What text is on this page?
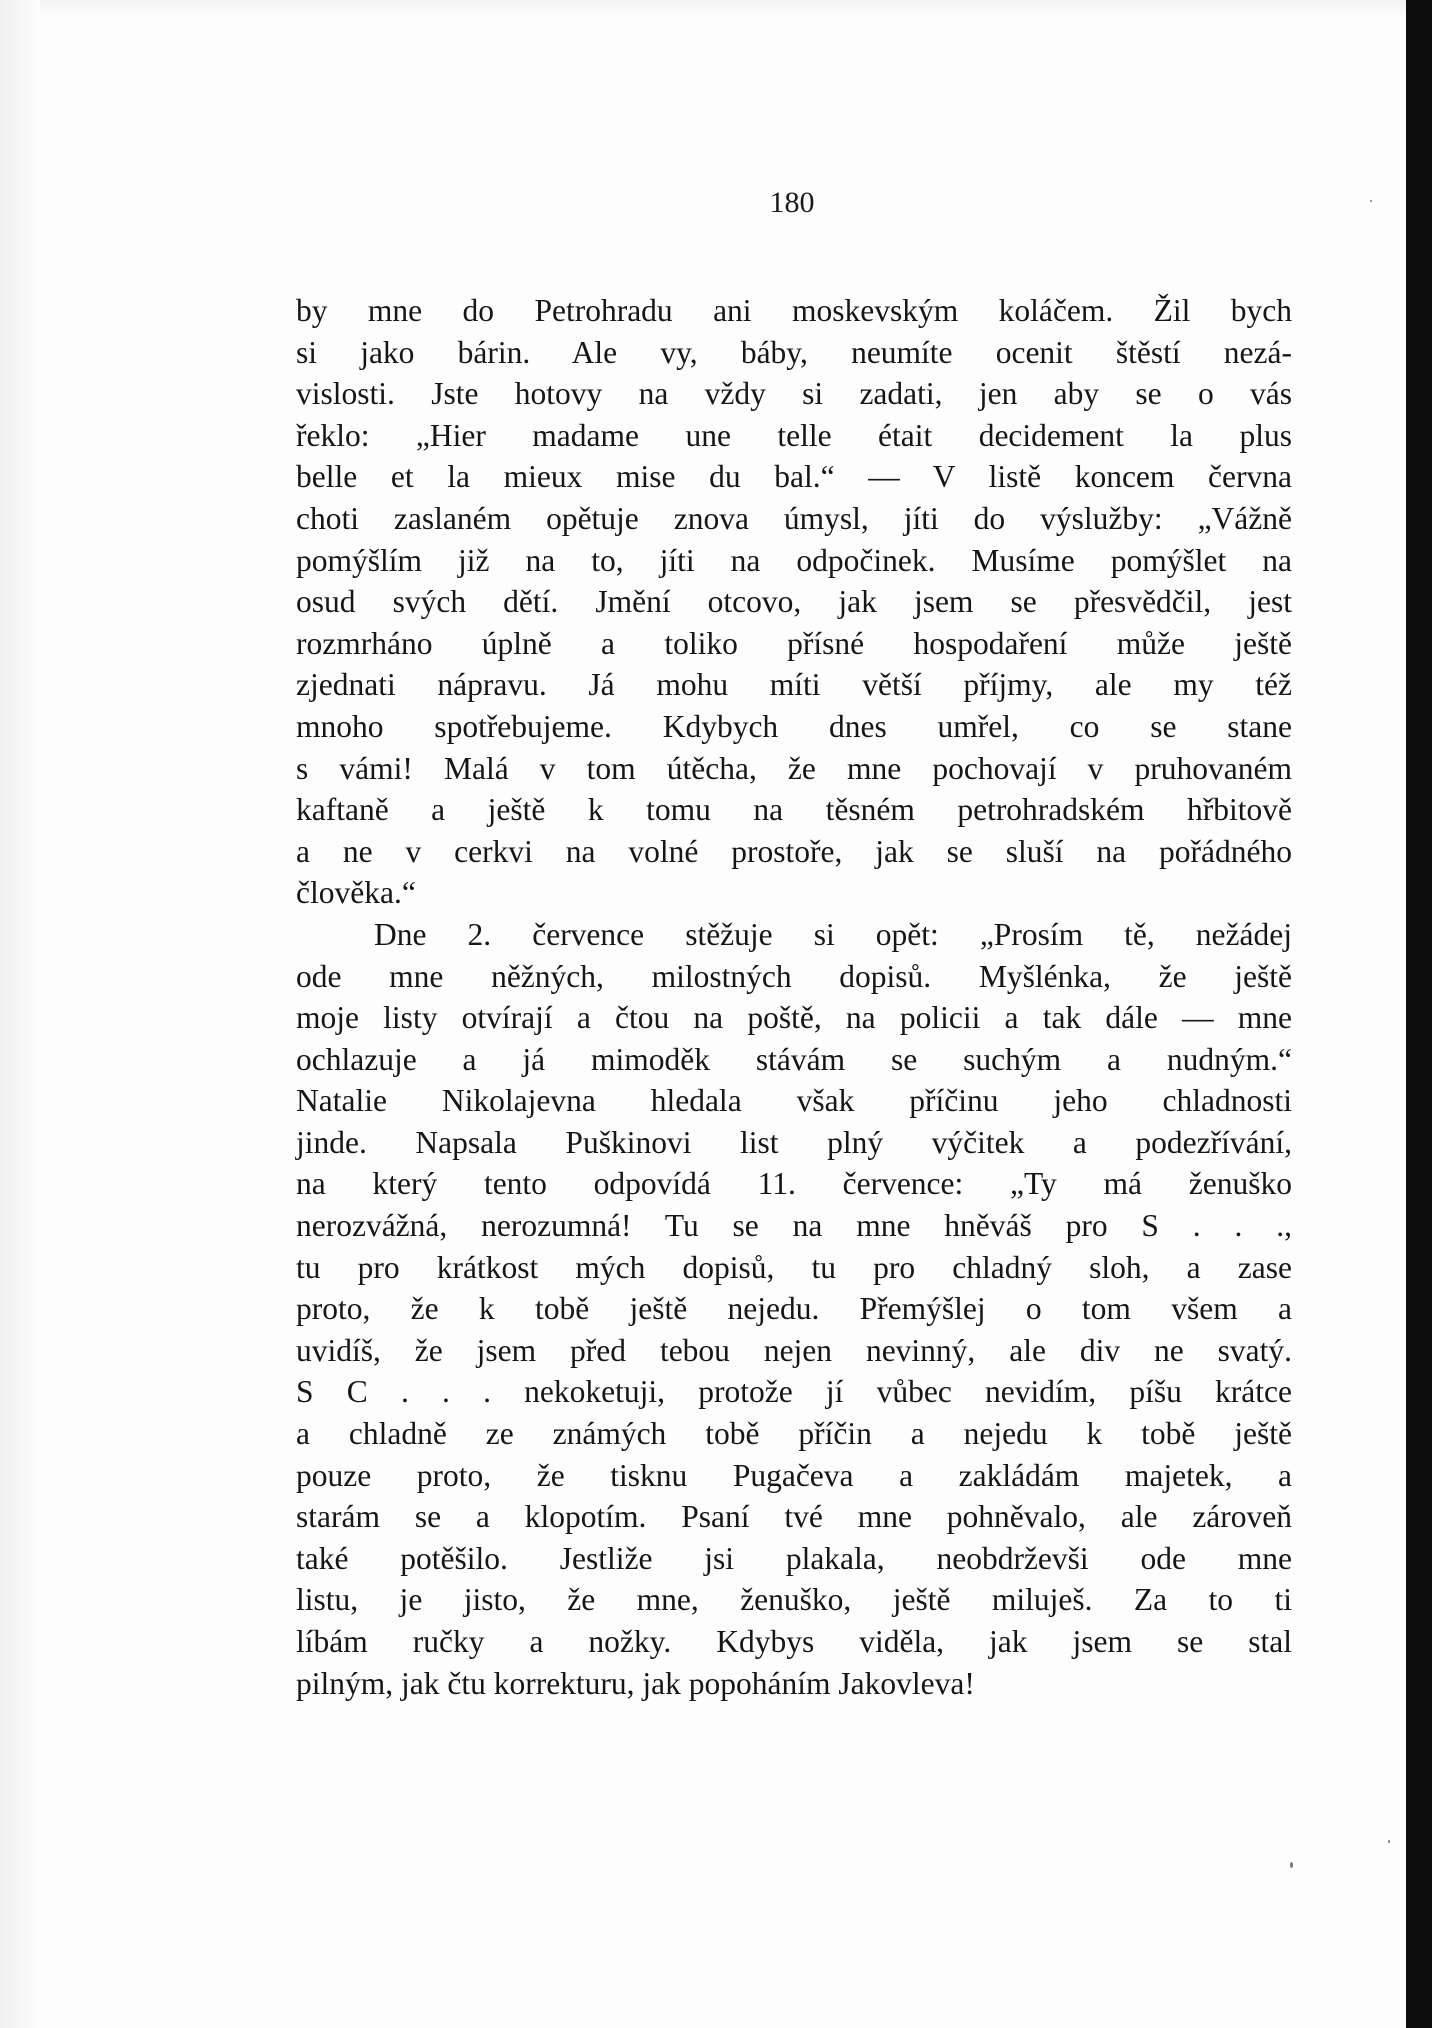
180
by mne do Petrohradu ani moskevským koláčem. Žil bych
si jako bárin. Ale vy, báby, neumíte ocenit štěstí nezá-
vislosti. Jste hotovy na vždy si zadati, jen aby se o vás
řeklo: „Hier madame une telle était decidement la plus
belle et la mieux mise du bal.“ — V listě koncem června
choti zaslaném opětuje znova úmysl, jíti do výslužby: „Vážně
pomýšlím již na to, jíti na odpočinek. Musíme pomýšlet na
osud svých dětí. Jmění otcovo, jak jsem se přesvědčil, jest
rozmrháno úplně a toliko přísné hospodaření může ještě
zjednati nápravu. Já mohu míti větší příjmy, ale my též
mnoho spotřebujeme. Kdybych dnes umřel, co se stane
s vámi! Malá v tom útěcha, že mne pochovají v pruhovaném
kaftaně a ještě k tomu na těsném petrohradském hřbitově
a ne v cerkvi na volné prostoře, jak se sluší na pořádného
člověka.“
Dne 2. července stěžuje si opět: „Prosím tě, nežádej
ode mne něžných, milostných dopisů. Myšlénka, že ještě
moje listy otvírají a čtou na poště, na policii a tak dále — mne
ochlazuje a já mimoděk stávám se suchým a nudným.“
Natalie Nikolajevna hledala však příčinu jeho chladnosti
jinde. Napsala Puškinovi list plný výčitek a podezřívání,
na který tento odpovídá 11. července: „Ty má ženuško
nerozvážná, nerozumná! Tu se na mne hněváš pro S . . .,
tu pro krátkost mých dopisů, tu pro chladný sloh, a zase
proto, že k tobě ještě nejedu. Přemýšlej o tom všem a
uvidíš, že jsem před tebou nejen nevinný, ale div ne svatý.
S C . . . nekoketuji, protože jí vůbec nevidím, píšu krátce
a chladně ze známých tobě příčin a nejedu k tobě ještě
pouze proto, že tisknu Pugačeva a zakládám majetek, a
starám se a klopotím. Psaní tvé mne pohněvalo, ale zároveň
také potěšilo. Jestliže jsi plakala, neobdrževši ode mne
listu, je jisto, že mne, ženuško, ještě miluješ. Za to ti
líbám ručky a nožky. Kdybys viděla, jak jsem se stal
pilným, jak čtu korrekturu, jak popoháním Jakovleva!
